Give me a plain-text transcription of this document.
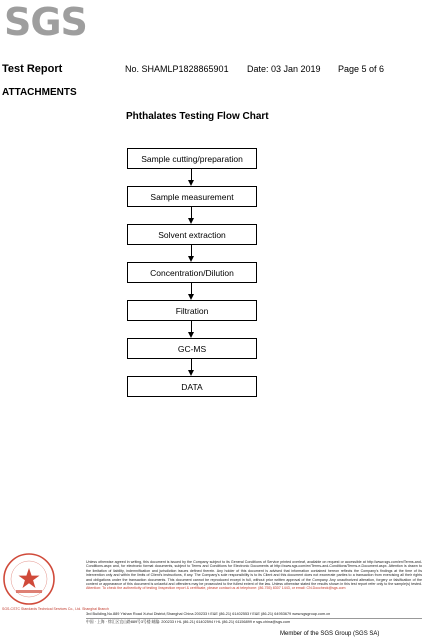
SGS
Test Report	No. SHAMLP1828865901 Date: 03 Jan 2019 Page 5 of 6
ATTACHMENTS
Phthalates Testing Flow Chart
Sample cutting/preparation
Sample measurement
Solvent extraction
Concentration/Dilution
Filtration
GC-MS
DATA
SGS-CSTC Standards Technical Services Co., Ltd. Shanghai Branch
Unless otherwise agreed in writing, this document is issued by the Company subject to its General Conditions of Service printed overleaf, available on request or accessible at http://www.sgs.com/en/Terms-and-Conditions.aspx and, for electronic format documents, subject to Terms and Conditions for Electronic Documents at http://www.sgs.com/en/Terms-and-Conditions/Terms-e-Document.aspx. Attention is drawn to the limitation of liability, indemnification and jurisdiction issues defined therein. Any holder of this document is advised that information contained hereon reflects the Company's findings at the time of its intervention only and within the limits of Client's instructions, if any. The Company's sole responsibility is to its Client and this document does not exonerate parties to a transaction from exercising all their rights and obligations under the transaction documents. This document cannot be reproduced except in full, without prior written approval of the Company. Any unauthorized alteration, forgery or falsification of the content or appearance of this document is unlawful and offenders may be prosecuted to the fullest extent of the law. Unless otherwise stated the results shown in this test report refer only to the sample(s) tested. Attention: To check the authenticity of testing /inspection report & certificate, please contact us at telephone: (86-755) 8307 1443, or email: CN.Doccheck@sgs.com
3rd Building,No.889 Yishan Road Xuhui District,Shanghai China 200233 t E&E (86-21) 61402553 f E&E (86-21) 64953679 www.sgsgroup.com.cn
中国 · 上海 · 徐汇区宜山路889号3号楼 邮编: 200233 t HL (86-21) 61402594 f HL (86-21) 61156899 e sgs.china@sgs.com
Member of the SGS Group (SGS SA)
